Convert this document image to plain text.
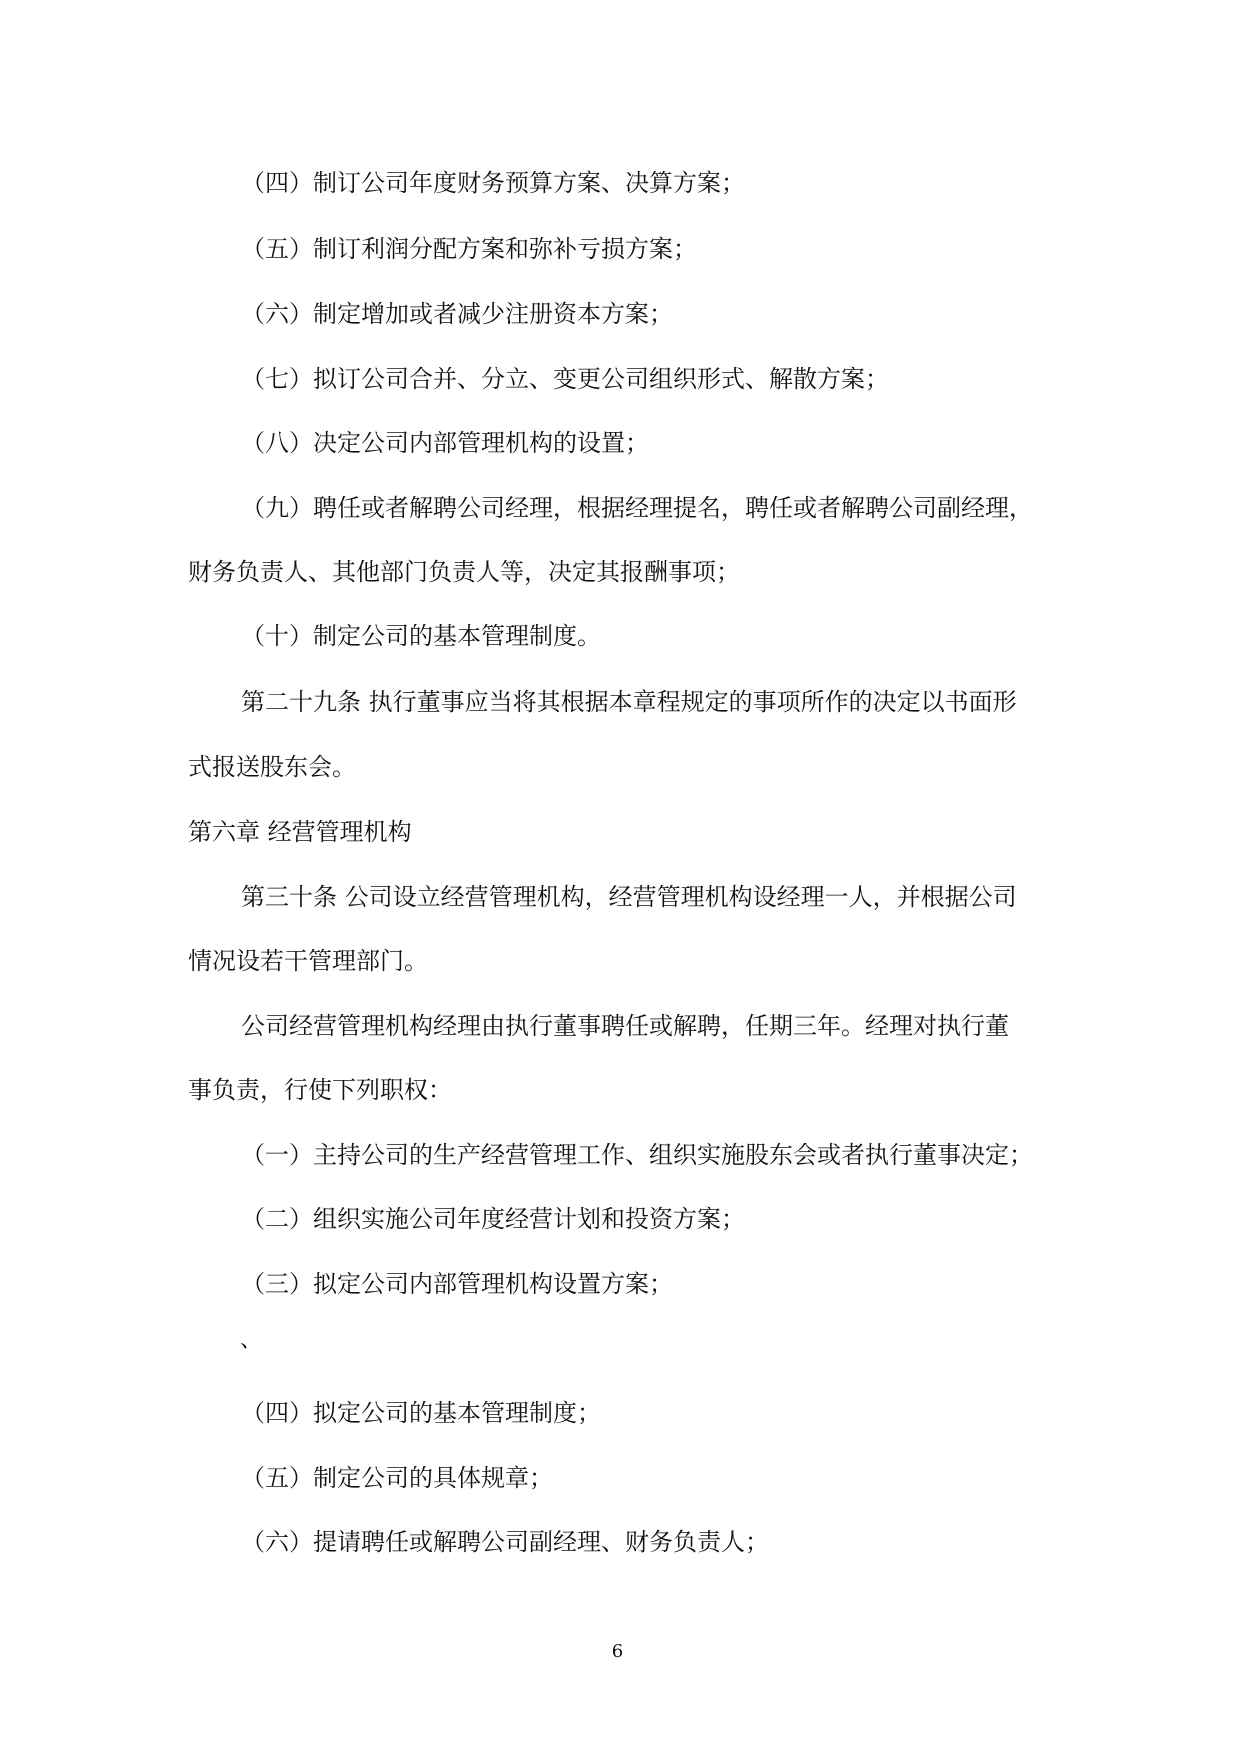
（四）制订公司年度财务预算方案、决算方案；
（五）制订利润分配方案和弥补亏损方案；
（六）制定增加或者减少注册资本方案；
（七）拟订公司合并、分立、变更公司组织形式、解散方案；
（八）决定公司内部管理机构的设置；
（九）聘任或者解聘公司经理，根据经理提名，聘任或者解聘公司副经理，
财务负责人、其他部门负责人等，决定其报酬事项；
（十）制定公司的基本管理制度。
第二十九条 执行董事应当将其根据本章程规定的事项所作的决定以书面形
式报送股东会。
第六章 经营管理机构
第三十条 公司设立经营管理机构，经营管理机构设经理一人，并根据公司
情况设若干管理部门。
公司经营管理机构经理由执行董事聘任或解聘，任期三年。经理对执行董
事负责，行使下列职权：
（一）主持公司的生产经营管理工作、组织实施股东会或者执行董事决定；
（二）组织实施公司年度经营计划和投资方案；
（三）拟定公司内部管理机构设置方案；
、
（四）拟定公司的基本管理制度；
（五）制定公司的具体规章；
（六）提请聘任或解聘公司副经理、财务负责人；
6
